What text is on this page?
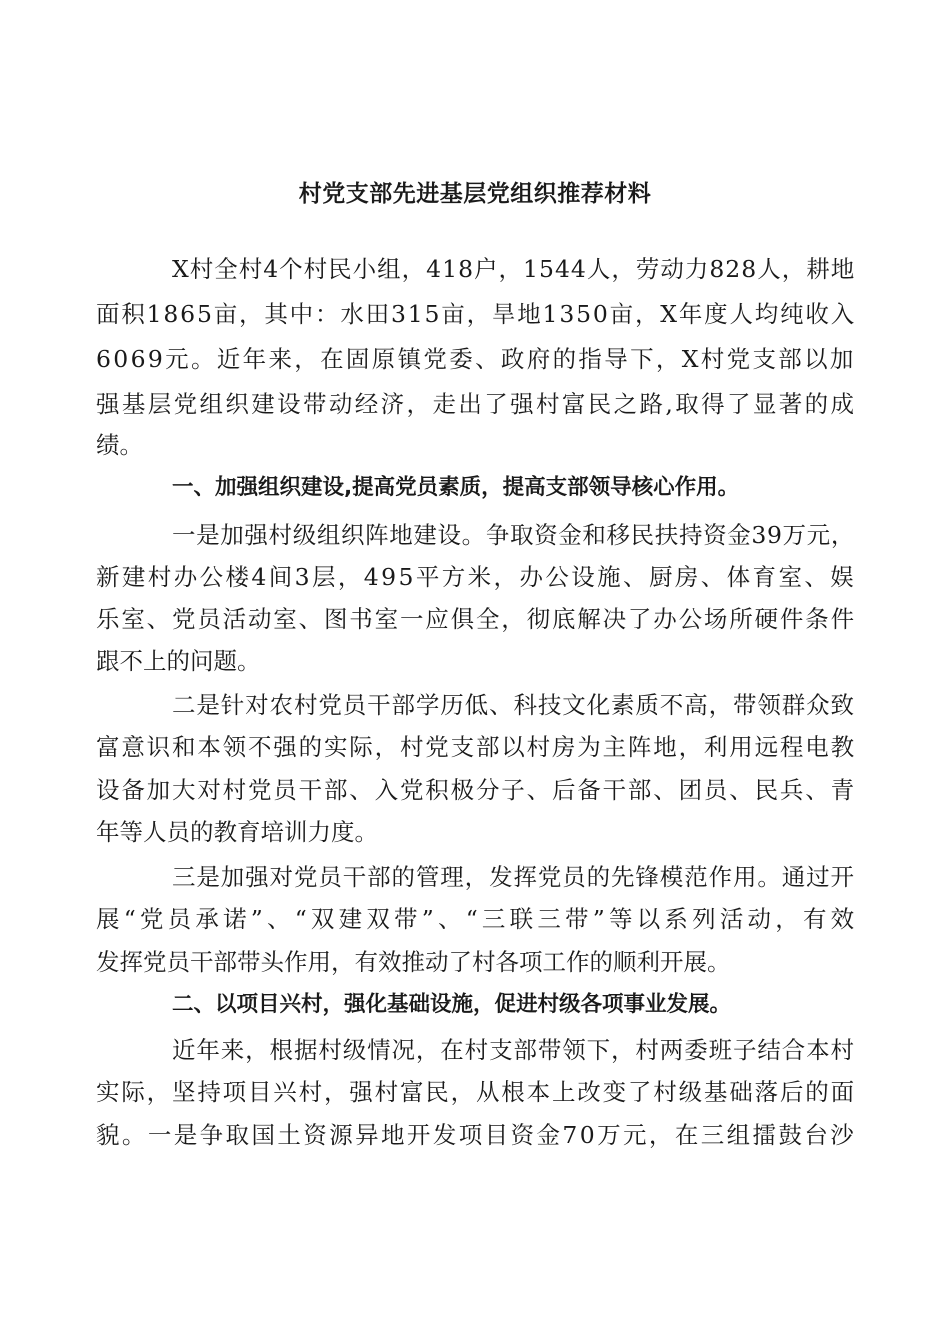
村党支部先进基层党组织推荐材料
X村全村4个村民小组，418户，1544人，劳动力828人，耕地
面积1865亩，其中：水田315亩，旱地1350亩，X年度人均纯收入
6069元。近年来，在固原镇党委、政府的指导下，X村党支部以加
强基层党组织建设带动经济，走出了强村富民之路,取得了显著的成
绩。
一、加强组织建设,提高党员素质，提高支部领导核心作用。
一是加强村级组织阵地建设。争取资金和移民扶持资金39万元，
新建村办公楼4间3层，495平方米，办公设施、厨房、体育室、娱
乐室、党员活动室、图书室一应俱全，彻底解决了办公场所硬件条件
跟不上的问题。
二是针对农村党员干部学历低、科技文化素质不高，带领群众致
富意识和本领不强的实际，村党支部以村房为主阵地，利用远程电教
设备加大对村党员干部、入党积极分子、后备干部、团员、民兵、青
年等人员的教育培训力度。
三是加强对党员干部的管理，发挥党员的先锋模范作用。通过开
展“党员承诺”、“双建双带”、“三联三带”等以系列活动，有效
发挥党员干部带头作用，有效推动了村各项工作的顺利开展。
二、以项目兴村，强化基础设施，促进村级各项事业发展。
近年来，根据村级情况，在村支部带领下，村两委班子结合本村
实际，坚持项目兴村，强村富民，从根本上改变了村级基础落后的面
貌。一是争取国土资源异地开发项目资金70万元，在三组擂鼓台沙
